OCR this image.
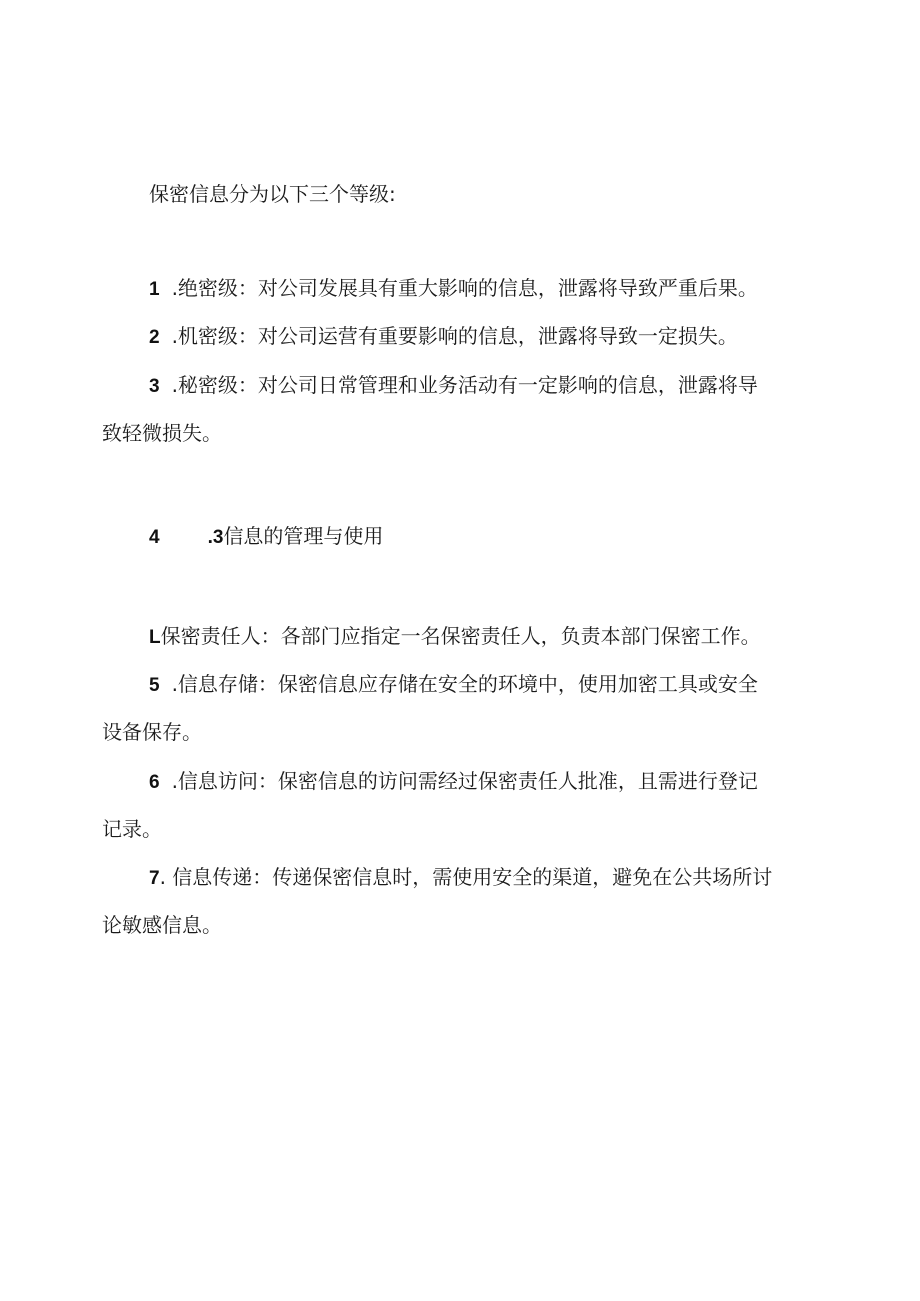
保密信息分为以下三个等级:
1 .绝密级：对公司发展具有重大影响的信息，泄露将导致严重后果。
2 .机密级：对公司运营有重要影响的信息，泄露将导致一定损失。
3 .秘密级：对公司日常管理和业务活动有一定影响的信息，泄露将导
致轻微损失。
4	.3信息的管理与使用
L保密责任人：各部门应指定一名保密责任人，负责本部门保密工作。
5 .信息存储：保密信息应存储在安全的环境中，使用加密工具或安全
设备保存。
6 .信息访问：保密信息的访问需经过保密责任人批准，且需进行登记
记录。
7. 信息传递：传递保密信息时，需使用安全的渠道，避免在公共场所讨
论敏感信息。
